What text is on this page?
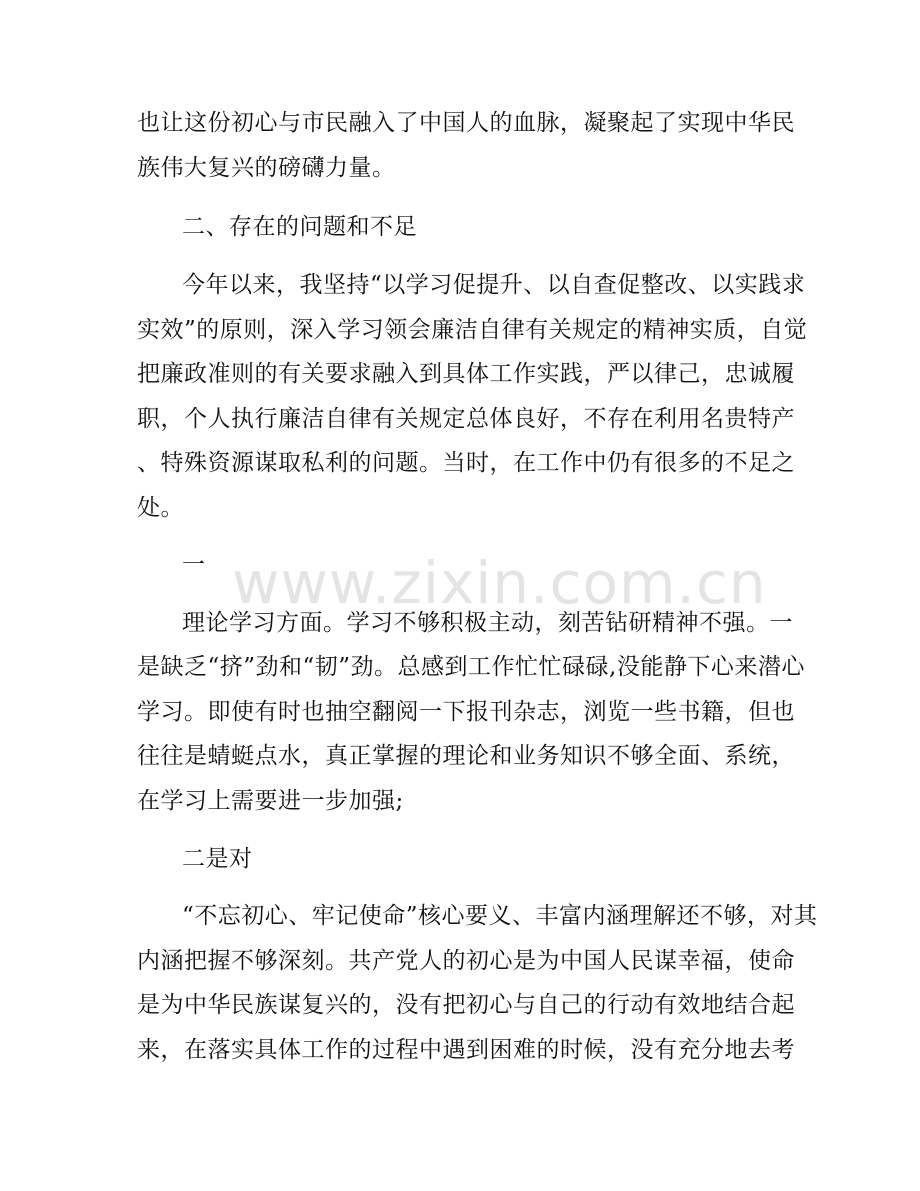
www.zixin.com.cn
也让这份初心与市民融入了中国人的血脉，凝聚起了实现中华民
族伟大复兴的磅礴力量。
二、存在的问题和不足
今年以来，我坚持“以学习促提升、以自查促整改、以实践求
实效”的原则，深入学习领会廉洁自律有关规定的精神实质，自觉
把廉政准则的有关要求融入到具体工作实践，严以律己，忠诚履
职，个人执行廉洁自律有关规定总体良好，不存在利用名贵特产
、特殊资源谋取私利的问题。当时，在工作中仍有很多的不足之
处。
一
理论学习方面。学习不够积极主动，刻苦钻研精神不强。一
是缺乏“挤”劲和“韧”劲。总感到工作忙忙碌碌,没能静下心来潜心
学习。即使有时也抽空翻阅一下报刊杂志，浏览一些书籍，但也
往往是蜻蜓点水，真正掌握的理论和业务知识不够全面、系统，
在学习上需要进一步加强;
二是对
“不忘初心、牢记使命”核心要义、丰富内涵理解还不够，对其
内涵把握不够深刻。共产党人的初心是为中国人民谋幸福，使命
是为中华民族谋复兴的，没有把初心与自己的行动有效地结合起
来，在落实具体工作的过程中遇到困难的时候，没有充分地去考
